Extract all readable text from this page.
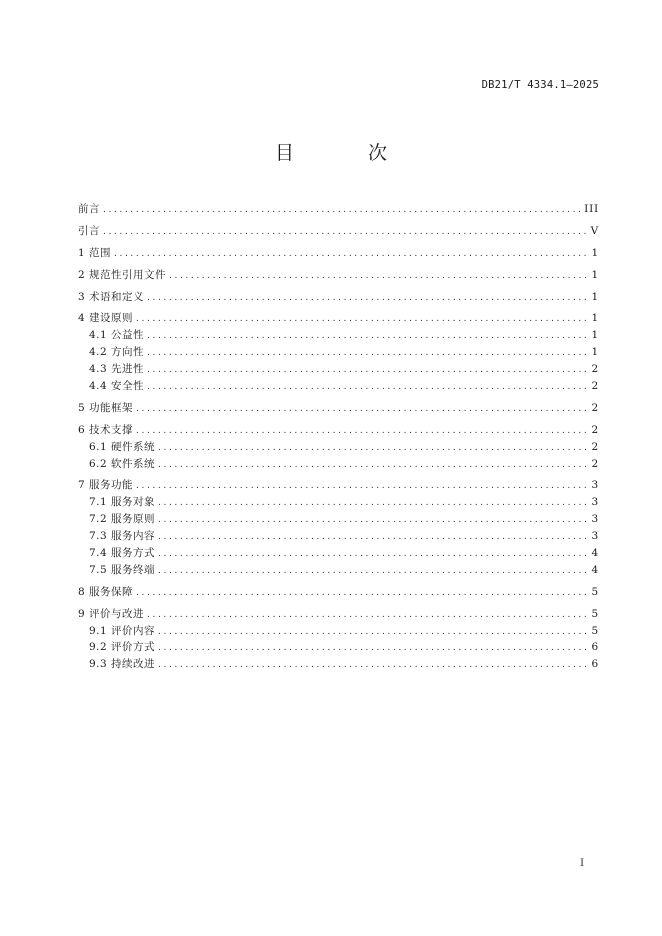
DB21/T 4334.1—2025
目 次
前言 .....	III
引言 .....	V
1 范围 .....	1
2 规范性引用文件 .....	1
3 术语和定义 .....	1
4 建设原则 .....	1
4.1 公益性 .....	1
4.2 方向性 .....	1
4.3 先进性 .....	2
4.4 安全性 .....	2
5 功能框架 .....	2
6 技术支撑 .....	2
6.1 硬件系统 .....	2
6.2 软件系统 .....	2
7 服务功能 .....	3
7.1 服务对象 .....	3
7.2 服务原则 .....	3
7.3 服务内容 .....	3
7.4 服务方式 .....	4
7.5 服务终端 .....	4
8 服务保障 .....	5
9 评价与改进 .....	5
9.1 评价内容 .....	5
9.2 评价方式 .....	6
9.3 持续改进 .....	6
I
